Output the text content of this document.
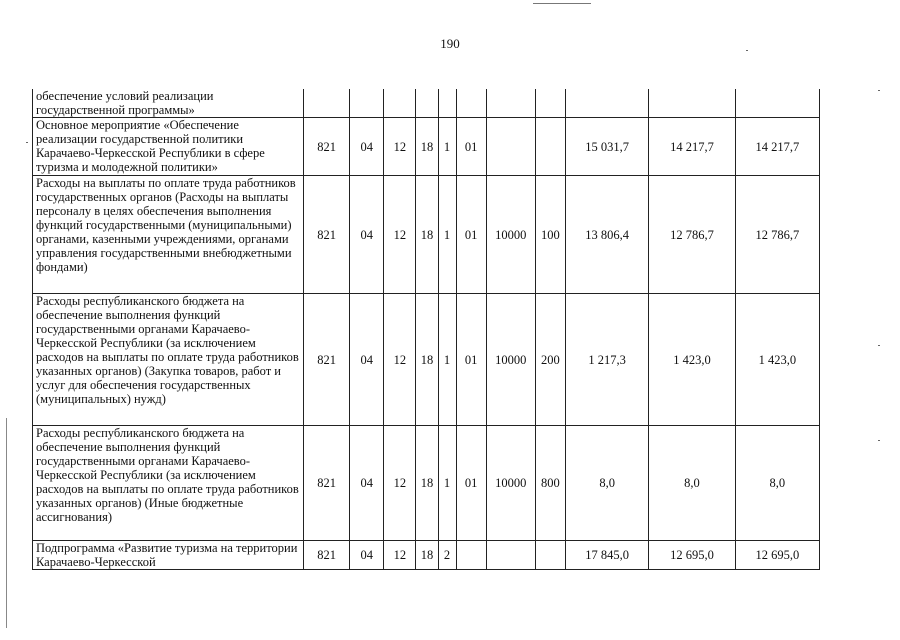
190
обеспечение условий реализации государственной программы»											
Основное мероприятие «Обеспечение реализации государственной политики Карачаево-Черкесской Республики в сфере туризма и молодежной политики»	821	04	12	18	1	01			15 031,7	14 217,7	14 217,7
Расходы на выплаты по оплате труда работников государственных органов (Расходы на выплаты персоналу в целях обеспечения выполнения функций государственными (муниципальными) органами, казенными учреждениями, органами управления государственными внебюджетными фондами)	821	04	12	18	1	01	10000	100	13 806,4	12 786,7	12 786,7
Расходы республиканского бюджета на обеспечение выполнения функций государственными органами Карачаево-Черкесской Республики (за исключением расходов на выплаты по оплате труда работников указанных органов) (Закупка товаров, работ и услуг для обеспечения государственных (муниципальных) нужд)	821	04	12	18	1	01	10000	200	1 217,3	1 423,0	1 423,0
Расходы республиканского бюджета на обеспечение выполнения функций государственными органами Карачаево-Черкесской Республики (за исключением расходов на выплаты по оплате труда работников указанных органов) (Иные бюджетные ассигнования)	821	04	12	18	1	01	10000	800	8,0	8,0	8,0
Подпрограмма «Развитие туризма на территории Карачаево-Черкесской	821	04	12	18	2				17 845,0	12 695,0	12 695,0
